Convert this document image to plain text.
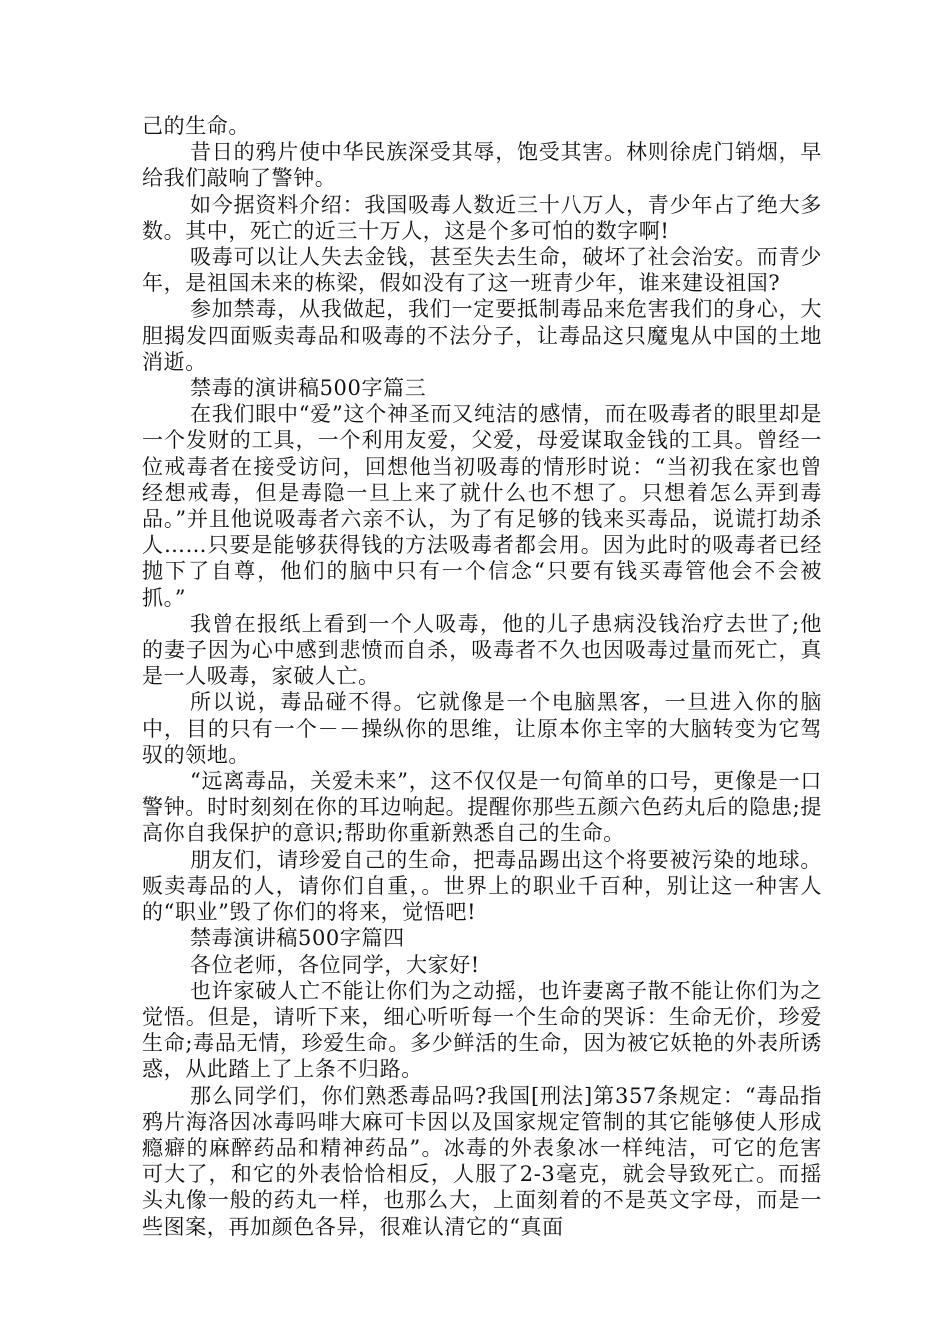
己的生命。

昔日的鸦片使中华民族深受其辱，饱受其害。林则徐虎门销烟，早给我们敲响了警钟。

如今据资料介绍：我国吸毒人数近三十八万人，青少年占了绝大多数。其中，死亡的近三十万人，这是个多可怕的数字啊!

吸毒可以让人失去金钱，甚至失去生命，破坏了社会治安。而青少年，是祖国未来的栋梁，假如没有了这一班青少年，谁来建设祖国?

参加禁毒，从我做起，我们一定要抵制毒品来危害我们的身心，大胆揭发四面贩卖毒品和吸毒的不法分子，让毒品这只魔鬼从中国的土地消逝。

禁毒的演讲稿500字篇三

在我们眼中“爱”这个神圣而又纯洁的感情，而在吸毒者的眼里却是一个发财的工具，一个利用友爱，父爱，母爱谋取金钱的工具。曾经一位戒毒者在接受访问，回想他当初吸毒的情形时说：“当初我在家也曾经想戒毒，但是毒隐一旦上来了就什么也不想了。只想着怎么弄到毒品。”并且他说吸毒者六亲不认，为了有足够的钱来买毒品，说谎打劫杀人……只要是能够获得钱的方法吸毒者都会用。因为此时的吸毒者已经抛下了自尊，他们的脑中只有一个信念“只要有钱买毒管他会不会被抓。”

我曾在报纸上看到一个人吸毒，他的儿子患病没钱治疗去世了;他的妻子因为心中感到悲愤而自杀，吸毒者不久也因吸毒过量而死亡，真是一人吸毒，家破人亡。

所以说，毒品碰不得。它就像是一个电脑黑客，一旦进入你的脑中，目的只有一个－－操纵你的思维，让原本你主宰的大脑转变为它驾驭的领地。

“远离毒品，关爱未来”，这不仅仅是一句简单的口号，更像是一口警钟。时时刻刻在你的耳边响起。提醒你那些五颜六色药丸后的隐患;提高你自我保护的意识;帮助你重新熟悉自己的生命。

朋友们，请珍爱自己的生命，把毒品踢出这个将要被污染的地球。贩卖毒品的人，请你们自重，。世界上的职业千百种，别让这一种害人的“职业”毁了你们的将来，觉悟吧!

禁毒演讲稿500字篇四

各位老师，各位同学，大家好!

也许家破人亡不能让你们为之动摇，也许妻离子散不能让你们为之觉悟。但是，请听下来，细心听听每一个生命的哭诉：生命无价，珍爱生命;毒品无情，珍爱生命。多少鲜活的生命，因为被它妖艳的外表所诱惑，从此踏上了上条不归路。

那么同学们，你们熟悉毒品吗?我国[刑法]第357条规定：“毒品指鸦片海洛因冰毒吗啡大麻可卡因以及国家规定管制的其它能够使人形成瘾癖的麻醉药品和精神药品”。冰毒的外表象冰一样纯洁，可它的危害可大了，和它的外表恰恰相反，人服了2-3毫克，就会导致死亡。而摇头丸像一般的药丸一样，也那么大，上面刻着的不是英文字母，而是一些图案，再加颜色各异，很难认清它的“真面
